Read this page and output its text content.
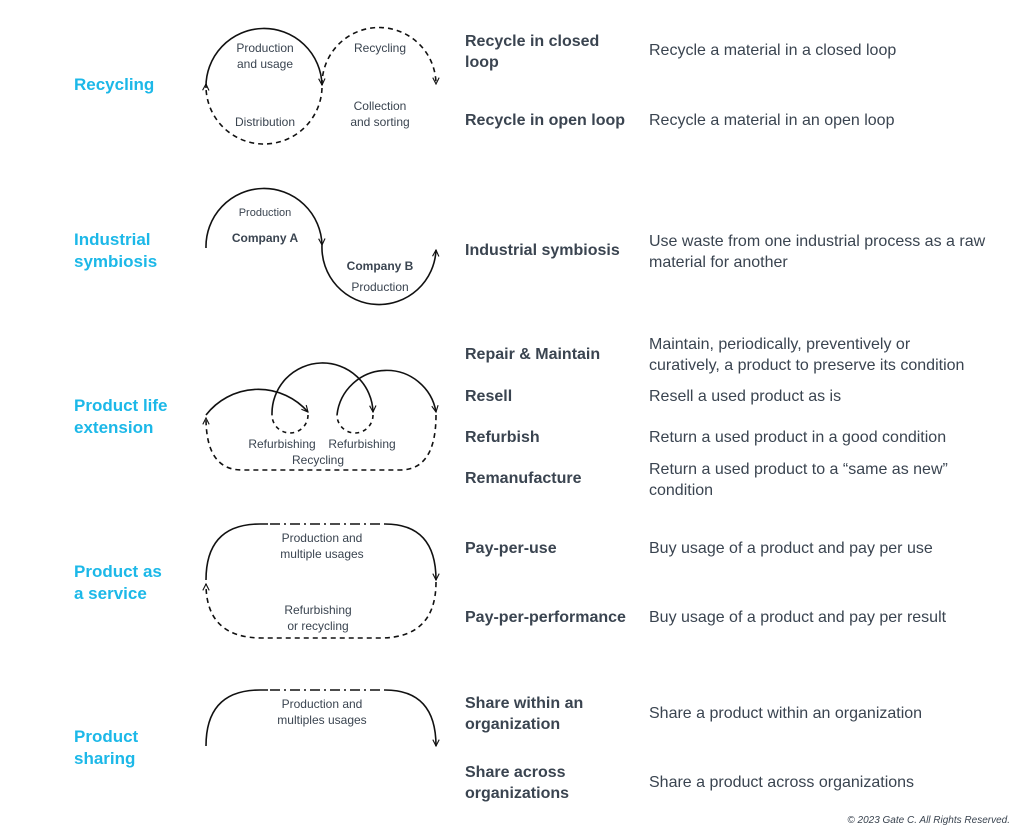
Recycling
Industrial
symbiosis
Product life
extension
Product as
a service
Product
sharing
Production and usage
Recycling
Distribution
Collection and sorting
Production
Company A
Company B
Production
Refurbishing Refurbishing
Recycling
Production and multiple usages
Refurbishing or recycling
Production and multiples usages
Recycle in closed
loop
Recycle in open loop
Industrial symbiosis
Repair & Maintain
Resell
Refurbish
Remanufacture
Pay-per-use
Pay-per-performance
Share within an
organization
Share across
organizations
Recycle a material in a closed loop
Recycle a material in an open loop
Use waste from one industrial process as a raw
material for another
Maintain, periodically, preventively or
curatively, a product to preserve its condition
Resell a used product as is
Return a used product in a good condition
Return a used product to a “same as new”
condition
Buy usage of a product and pay per use
Buy usage of a product and pay per result
Share a product within an organization
Share a product across organizations
© 2023 Gate C. All Rights Reserved.
